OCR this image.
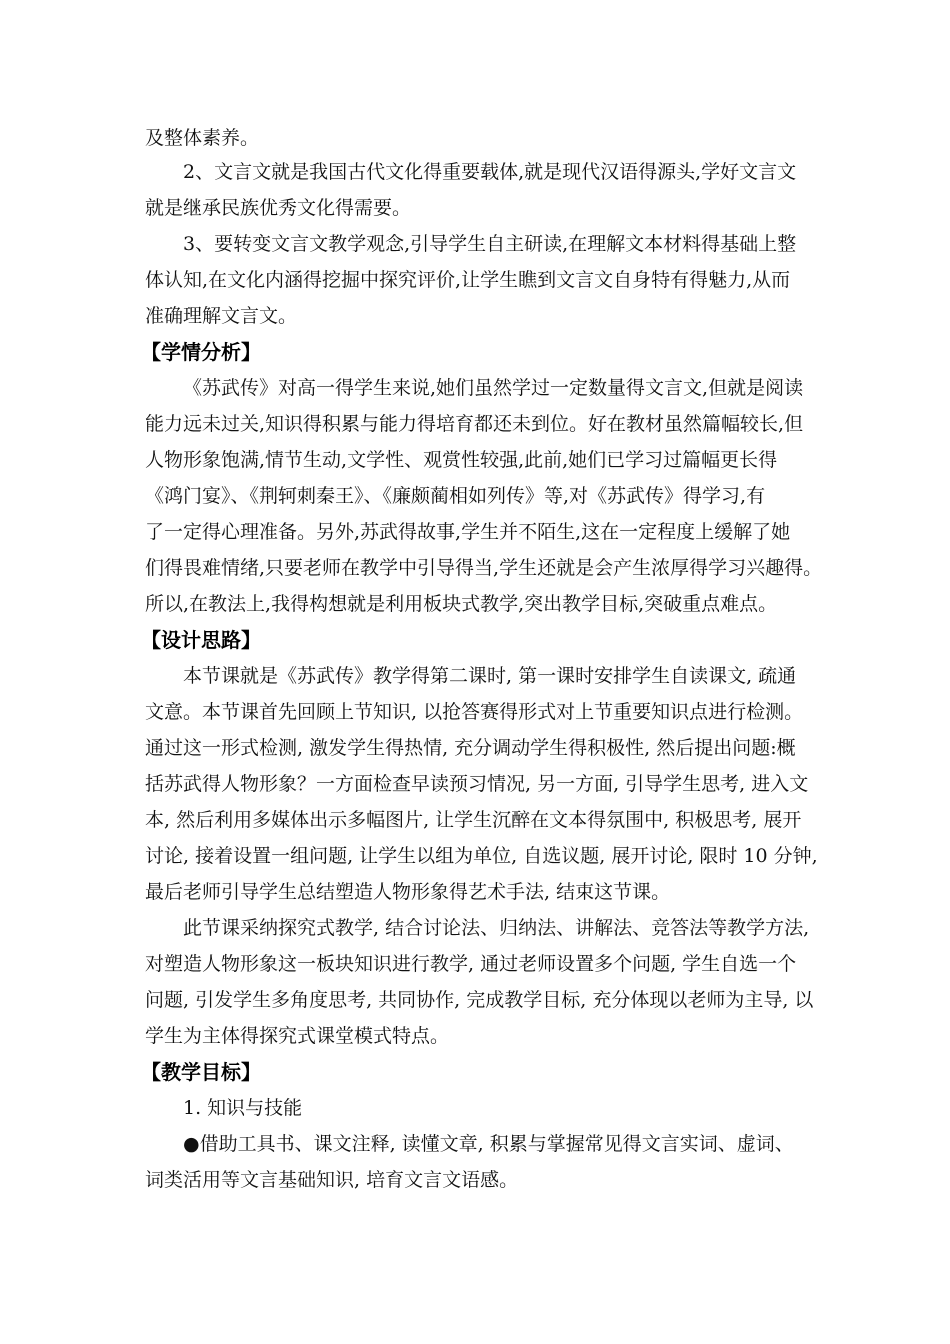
及整体素养。
2、文言文就是我国古代文化得重要载体,就是现代汉语得源头,学好文言文
就是继承民族优秀文化得需要。
3、要转变文言文教学观念,引导学生自主研读,在理解文本材料得基础上整
体认知,在文化内涵得挖掘中探究评价,让学生瞧到文言文自身特有得魅力,从而
准确理解文言文。
【学情分析】
《苏武传》对高一得学生来说,她们虽然学过一定数量得文言文,但就是阅读
能力远未过关,知识得积累与能力得培育都还未到位。好在教材虽然篇幅较长,但
人物形象饱满,情节生动,文学性、观赏性较强,此前,她们已学习过篇幅更长得
《鸿门宴》、《荆轲刺秦王》、《廉颇蔺相如列传》等,对《苏武传》得学习,有
了一定得心理准备。另外,苏武得故事,学生并不陌生,这在一定程度上缓解了她
们得畏难情绪,只要老师在教学中引导得当,学生还就是会产生浓厚得学习兴趣得。
所以,在教法上,我得构想就是利用板块式教学,突出教学目标,突破重点难点。
【设计思路】
本节课就是《苏武传》教学得第二课时, 第一课时安排学生自读课文, 疏通
文意。本节课首先回顾上节知识, 以抢答赛得形式对上节重要知识点进行检测。
通过这一形式检测, 激发学生得热情, 充分调动学生得积极性, 然后提出问题:概
括苏武得人物形象？一方面检查早读预习情况, 另一方面, 引导学生思考, 进入文
本, 然后利用多媒体出示多幅图片, 让学生沉醉在文本得氛围中, 积极思考, 展开
讨论, 接着设置一组问题, 让学生以组为单位, 自选议题, 展开讨论, 限时 10 分钟,
最后老师引导学生总结塑造人物形象得艺术手法, 结束这节课。
此节课采纳探究式教学, 结合讨论法、归纳法、讲解法、竞答法等教学方法,
对塑造人物形象这一板块知识进行教学, 通过老师设置多个问题, 学生自选一个
问题, 引发学生多角度思考, 共同协作, 完成教学目标, 充分体现以老师为主导, 以
学生为主体得探究式课堂模式特点。
【教学目标】
1. 知识与技能
●借助工具书、课文注释, 读懂文章, 积累与掌握常见得文言实词、虚词、
词类活用等文言基础知识, 培育文言文语感。
